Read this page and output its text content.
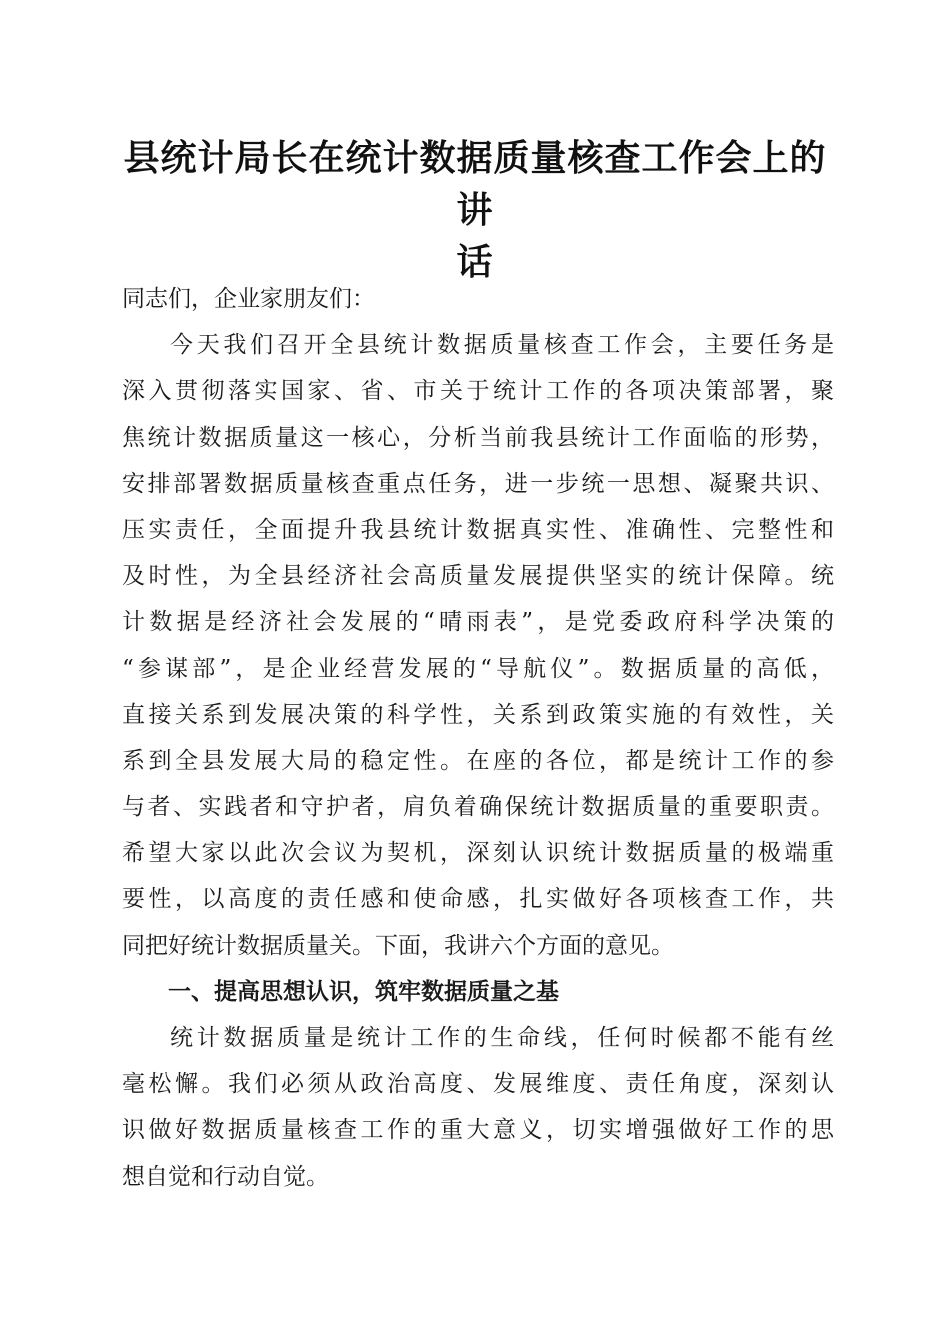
县统计局长在统计数据质量核查工作会上的讲
话
同志们，企业家朋友们：
今天我们召开全县统计数据质量核查工作会，主要任务是
深入贯彻落实国家、省、市关于统计工作的各项决策部署，聚
焦统计数据质量这一核心，分析当前我县统计工作面临的形势，
安排部署数据质量核查重点任务，进一步统一思想、凝聚共识、
压实责任，全面提升我县统计数据真实性、准确性、完整性和
及时性，为全县经济社会高质量发展提供坚实的统计保障。统
计数据是经济社会发展的“晴雨表”，是党委政府科学决策的
“参谋部”，是企业经营发展的“导航仪”。数据质量的高低，
直接关系到发展决策的科学性，关系到政策实施的有效性，关
系到全县发展大局的稳定性。在座的各位，都是统计工作的参
与者、实践者和守护者，肩负着确保统计数据质量的重要职责。
希望大家以此次会议为契机，深刻认识统计数据质量的极端重
要性，以高度的责任感和使命感，扎实做好各项核查工作，共
同把好统计数据质量关。下面，我讲六个方面的意见。
一、提高思想认识，筑牢数据质量之基
统计数据质量是统计工作的生命线，任何时候都不能有丝
毫松懈。我们必须从政治高度、发展维度、责任角度，深刻认
识做好数据质量核查工作的重大意义，切实增强做好工作的思
想自觉和行动自觉。
